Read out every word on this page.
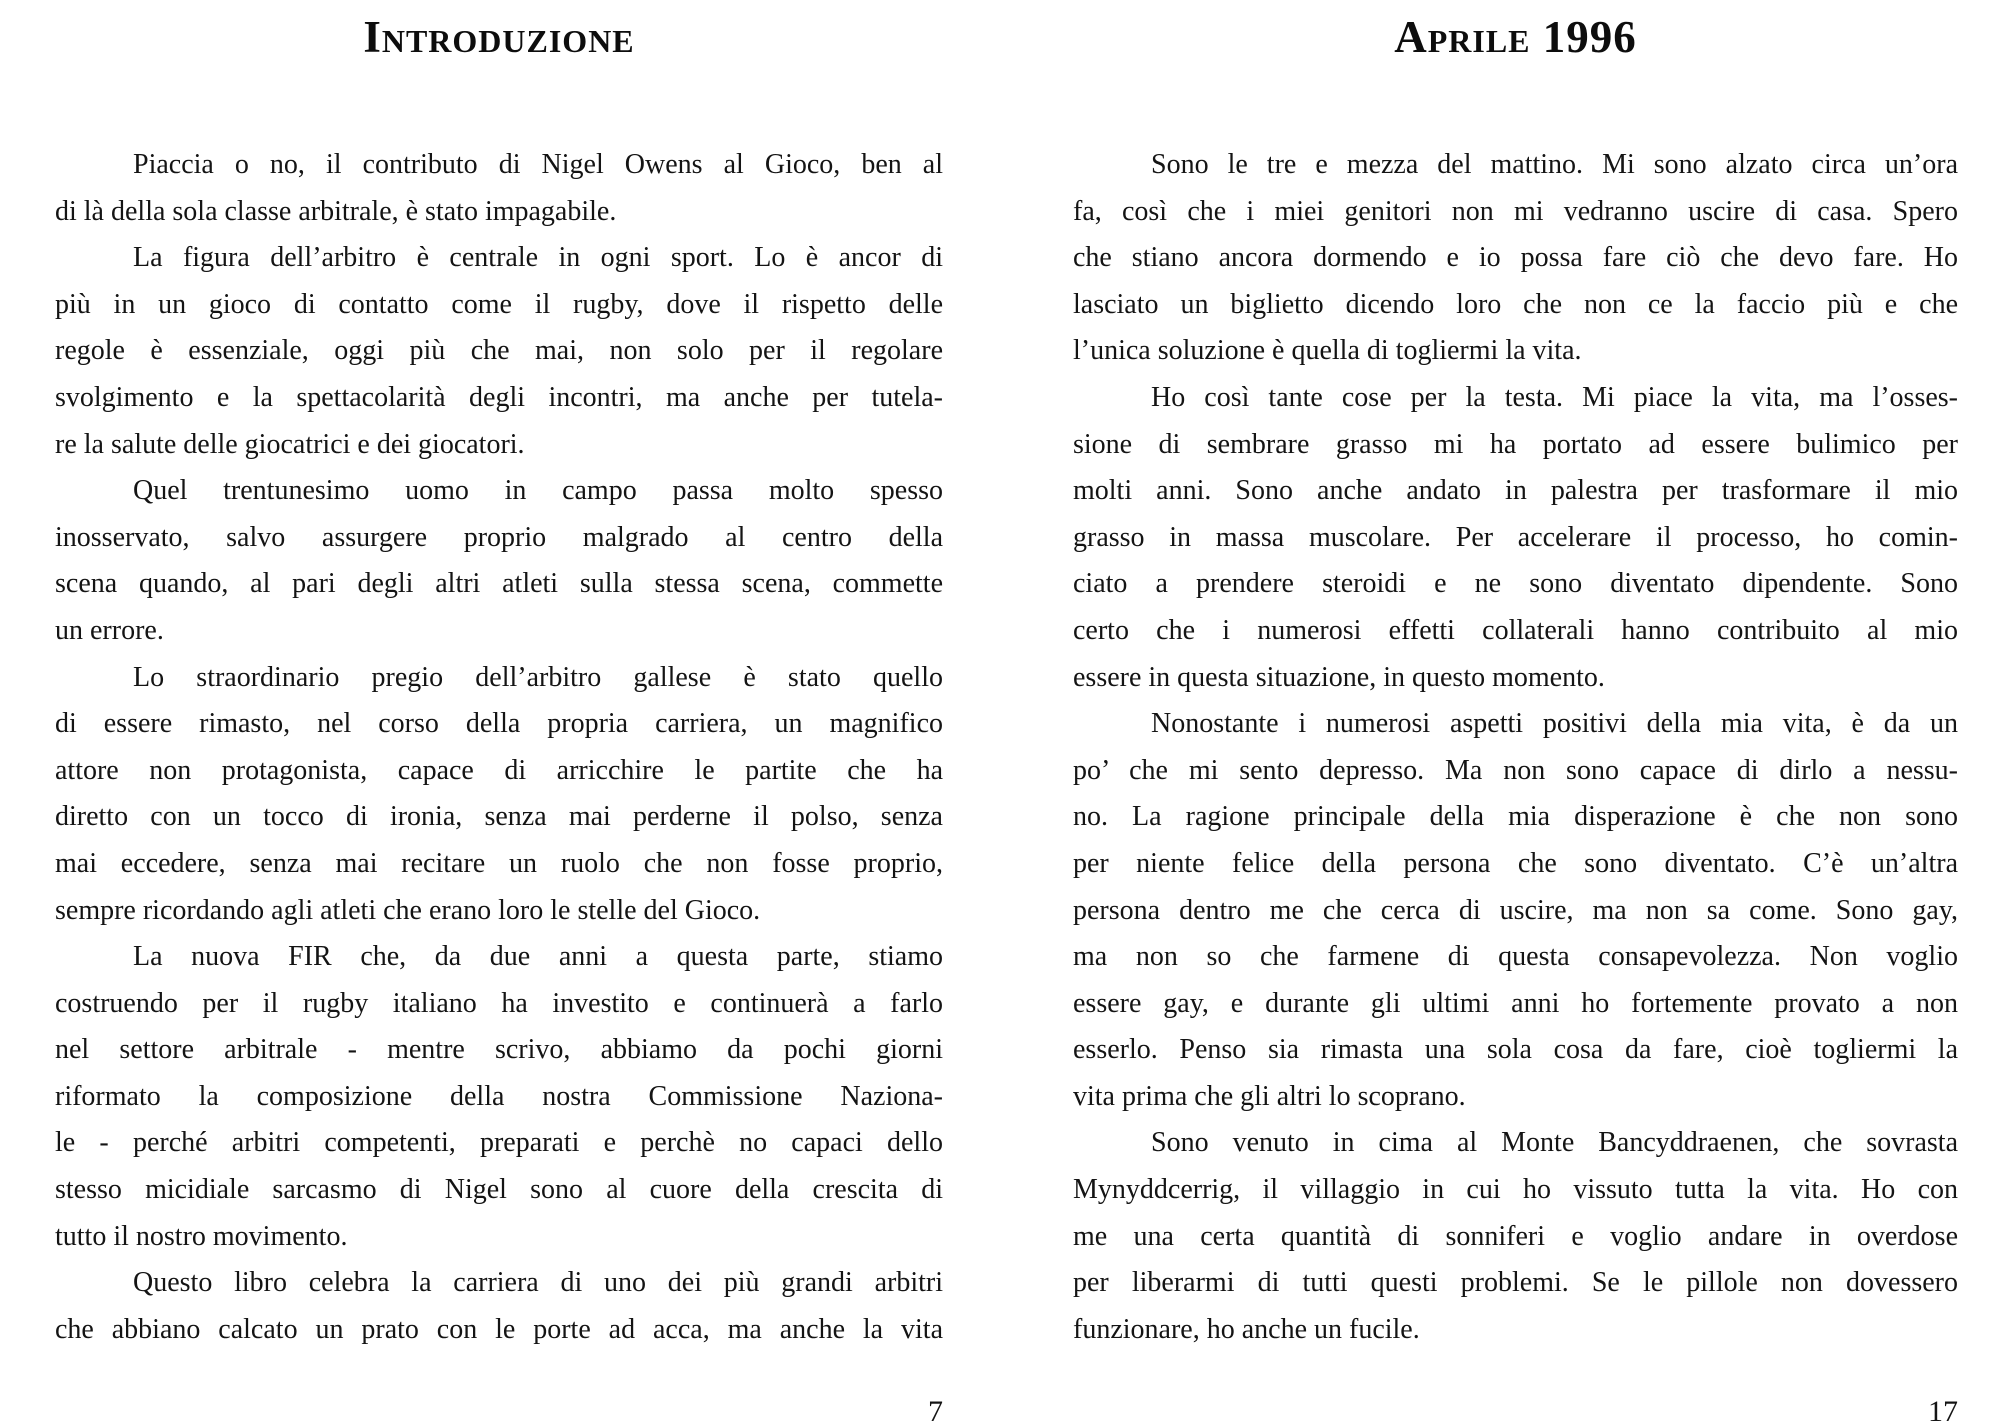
Introduzione
Piaccia o no, il contributo di Nigel Owens al Gioco, ben al
di là della sola classe arbitrale, è stato impagabile.
La figura dell’arbitro è centrale in ogni sport. Lo è ancor di
più in un gioco di contatto come il rugby, dove il rispetto delle
regole è essenziale, oggi più che mai, non solo per il regolare
svolgimento e la spettacolarità degli incontri, ma anche per tutela-
re la salute delle giocatrici e dei giocatori.
Quel trentunesimo uomo in campo passa molto spesso
inosservato, salvo assurgere proprio malgrado al centro della
scena quando, al pari degli altri atleti sulla stessa scena, commette
un errore.
Lo straordinario pregio dell’arbitro gallese è stato quello
di essere rimasto, nel corso della propria carriera, un magnifico
attore non protagonista, capace di arricchire le partite che ha
diretto con un tocco di ironia, senza mai perderne il polso, senza
mai eccedere, senza mai recitare un ruolo che non fosse proprio,
sempre ricordando agli atleti che erano loro le stelle del Gioco.
La nuova FIR che, da due anni a questa parte, stiamo
costruendo per il rugby italiano ha investito e continuerà a farlo
nel settore arbitrale - mentre scrivo, abbiamo da pochi giorni
riformato la composizione della nostra Commissione Naziona-
le - perché arbitri competenti, preparati e perchè no capaci dello
stesso micidiale sarcasmo di Nigel sono al cuore della crescita di
tutto il nostro movimento.
Questo libro celebra la carriera di uno dei più grandi arbitri
che abbiano calcato un prato con le porte ad acca, ma anche la vita
7
Aprile 1996
Sono le tre e mezza del mattino. Mi sono alzato circa un’ora
fa, così che i miei genitori non mi vedranno uscire di casa. Spero
che stiano ancora dormendo e io possa fare ciò che devo fare. Ho
lasciato un biglietto dicendo loro che non ce la faccio più e che
l’unica soluzione è quella di togliermi la vita.
Ho così tante cose per la testa. Mi piace la vita, ma l’osses-
sione di sembrare grasso mi ha portato ad essere bulimico per
molti anni. Sono anche andato in palestra per trasformare il mio
grasso in massa muscolare. Per accelerare il processo, ho comin-
ciato a prendere steroidi e ne sono diventato dipendente. Sono
certo che i numerosi effetti collaterali hanno contribuito al mio
essere in questa situazione, in questo momento.
Nonostante i numerosi aspetti positivi della mia vita, è da un
po’ che mi sento depresso. Ma non sono capace di dirlo a nessu-
no. La ragione principale della mia disperazione è che non sono
per niente felice della persona che sono diventato. C’è un’altra
persona dentro me che cerca di uscire, ma non sa come. Sono gay,
ma non so che farmene di questa consapevolezza. Non voglio
essere gay, e durante gli ultimi anni ho fortemente provato a non
esserlo. Penso sia rimasta una sola cosa da fare, cioè togliermi la
vita prima che gli altri lo scoprano.
Sono venuto in cima al Monte Bancyddraenen, che sovrasta
Mynyddcerrig, il villaggio in cui ho vissuto tutta la vita. Ho con
me una certa quantità di sonniferi e voglio andare in overdose
per liberarmi di tutti questi problemi. Se le pillole non dovessero
funzionare, ho anche un fucile.
17
